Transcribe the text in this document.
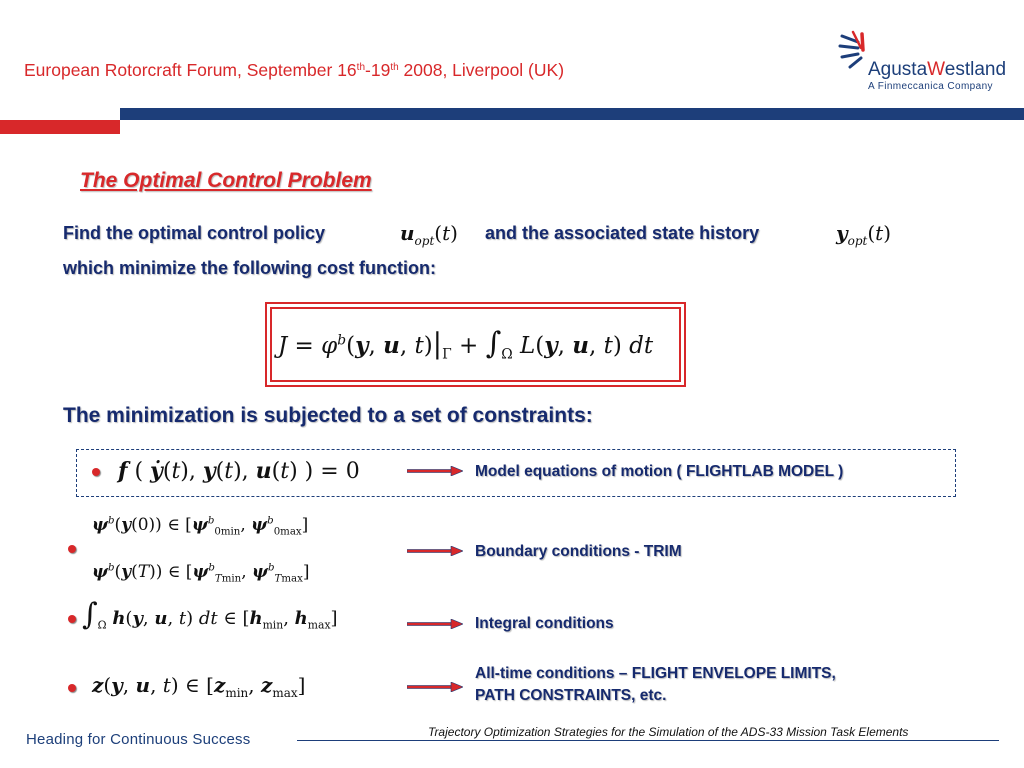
European Rotorcraft Forum, September 16th-19th 2008, Liverpool (UK)	AgustaWestland
A Finmeccanica Company
The Optimal Control Problem
Find the optimal control policy	$u_{opt}(t)$ and the associated state history	$y_{opt}(t)$
which minimize the following cost function:
$J = \varphi^b(y$, u, $t)|_\Gamma + \int_\Omega$ L(y, u, t) dt
The minimization is subjected to a set of constraints:
f ( ẏ(t), y(t), u(t) ) = 0	Model equations of motion ( FLIGHTLAB MODEL )
$\psi^b(y(0))$ ∈ [$\psi^b_{0min}$, $\psi^b_{0max}$]
$\psi^b(y(T))$ ∈ [$\psi^b_{Tmin}$, $\psi^b_{Tmax}$]
Boundary conditions - TRIM
$\int_\Omega$ h(y, u, t) dt ∈ [$h_{min}$, $h_{max}$]	Integral conditions
z(y, u, t) ∈ [$z_{min}$, $z_{max}$]	All-time conditions – FLIGHT ENVELOPE LIMITS,
PATH CONSTRAINTS, etc.
Heading for Continuous Success	Trajectory Optimization Strategies for the Simulation of the ADS-33 Mission Task Elements
